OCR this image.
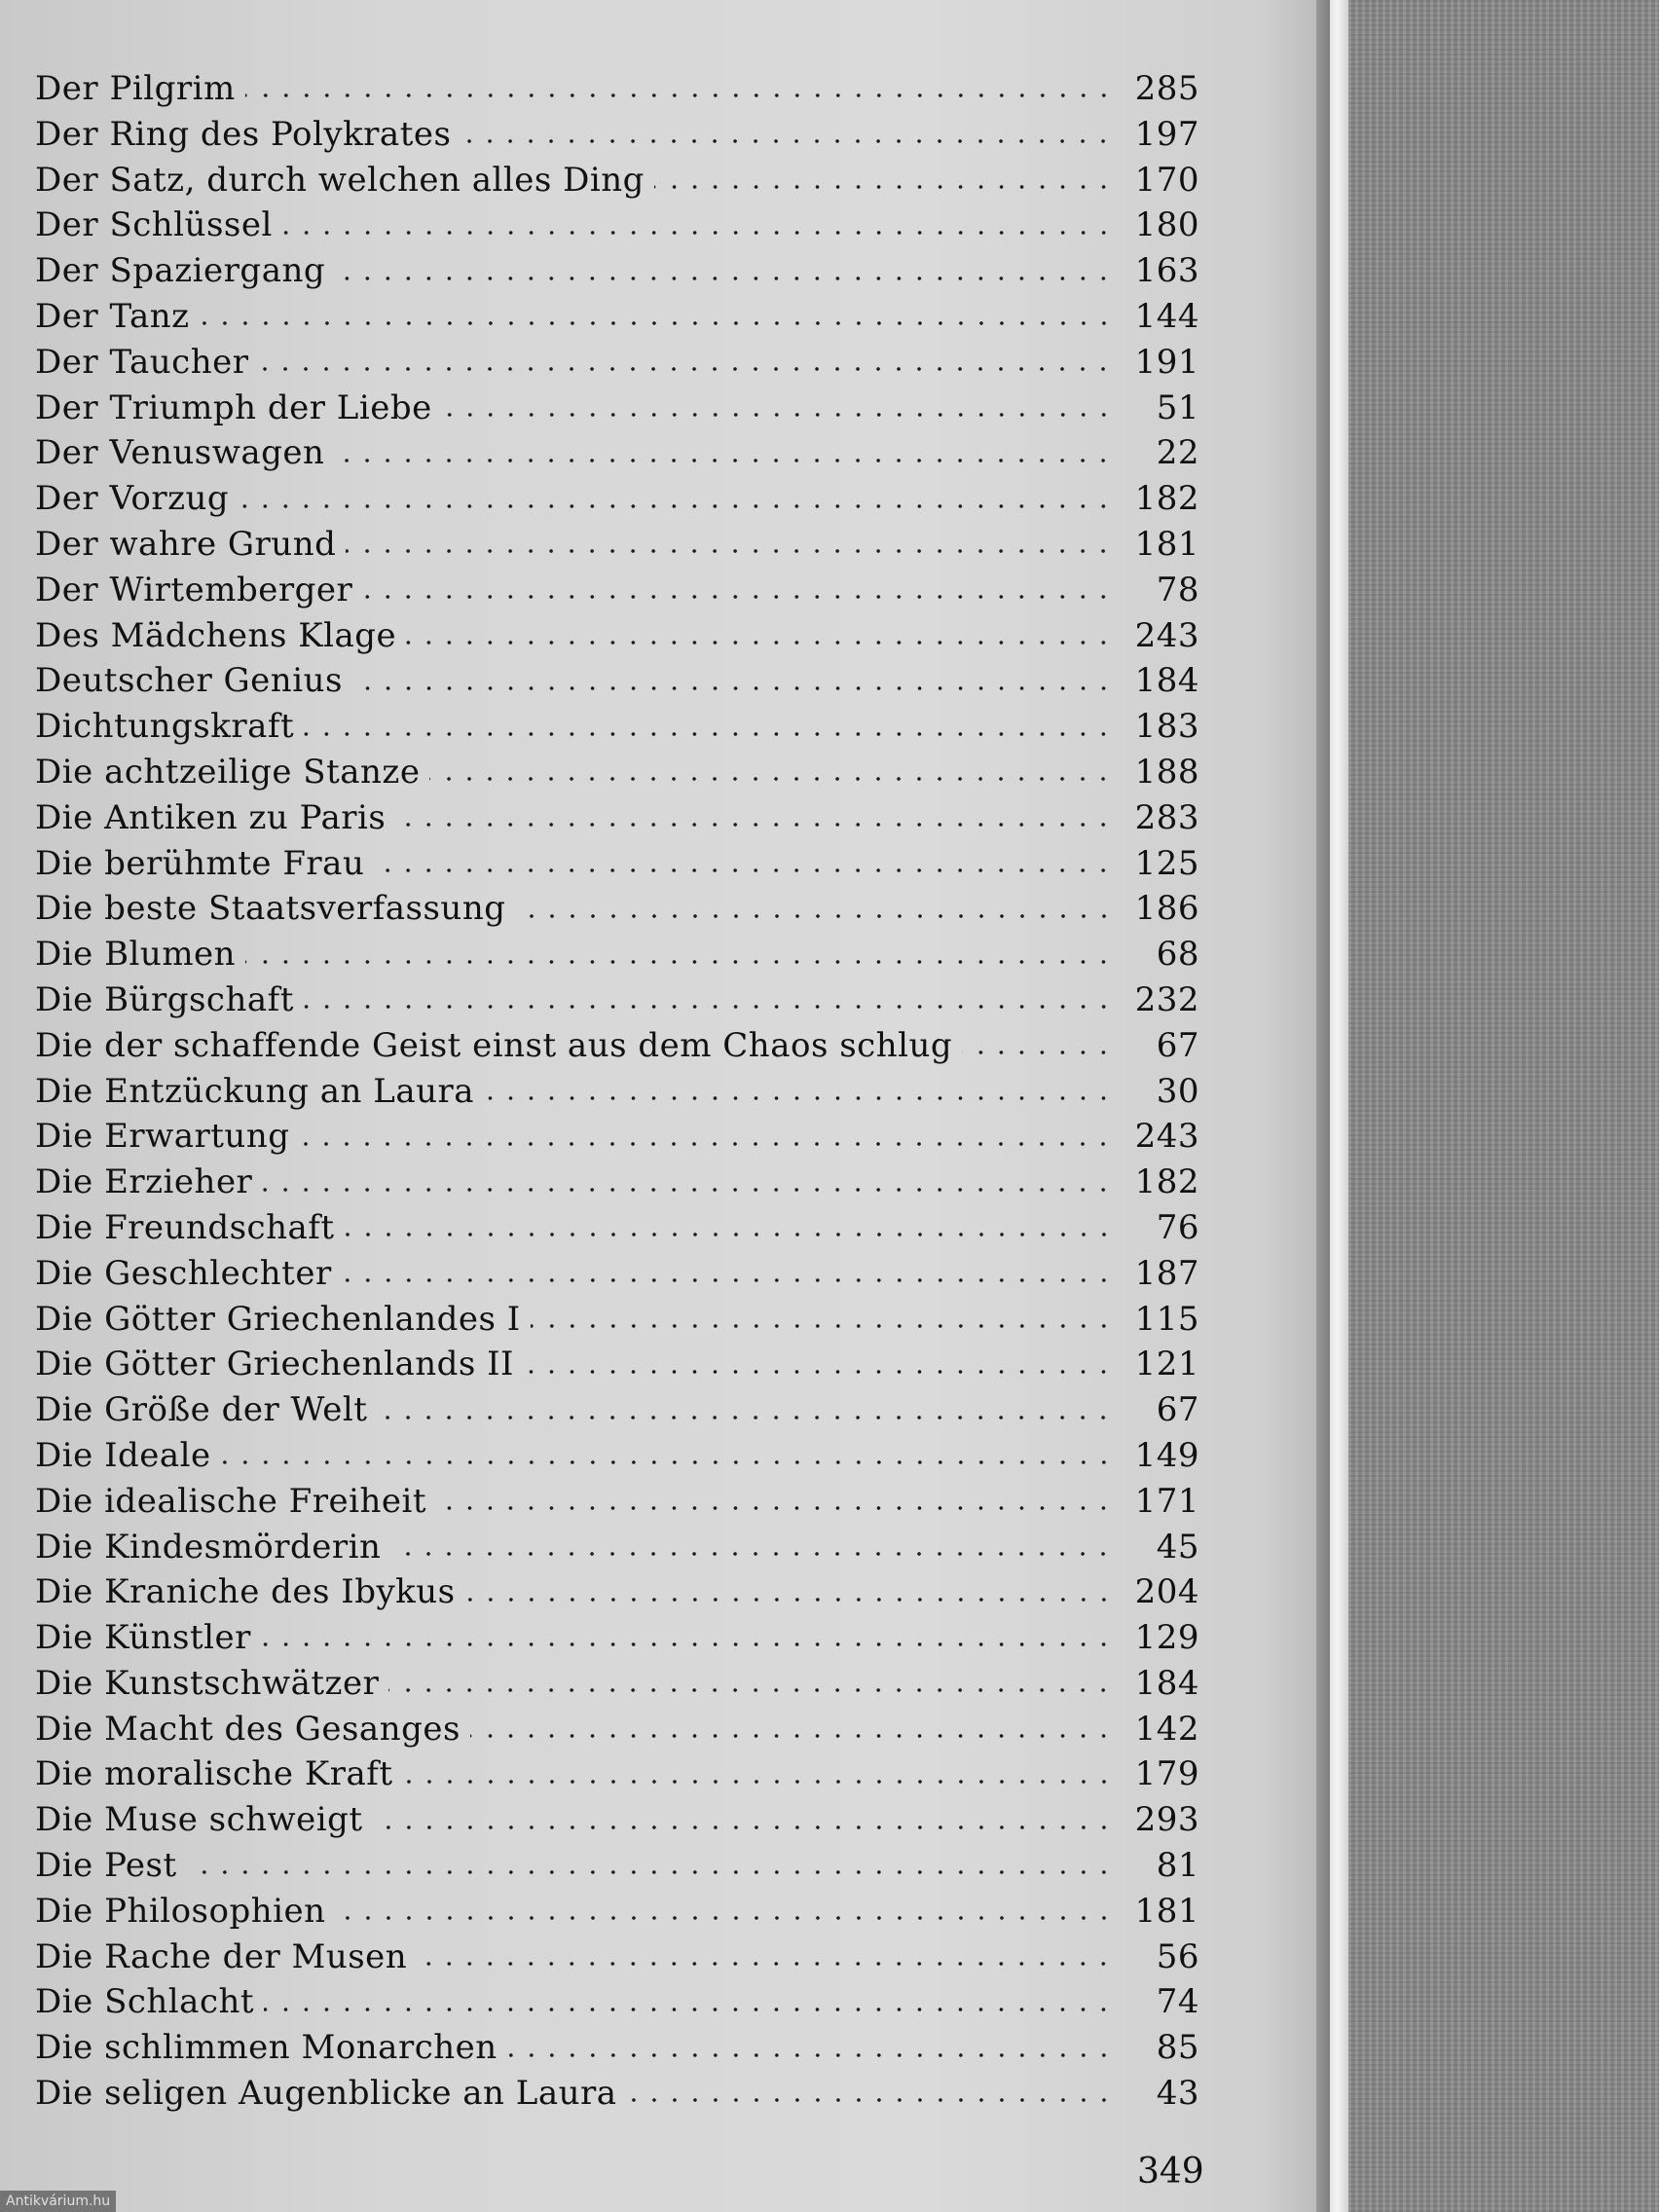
Der Pilgrim	285
Der Ring des Polykrates	197
Der Satz, durch welchen alles Ding	170
Der Schlüssel	180
Der Spaziergang	163
Der Tanz	144
Der Taucher	191
Der Triumph der Liebe	51
Der Venuswagen	22
Der Vorzug	182
Der wahre Grund	181
Der Wirtemberger	78
Des Mädchens Klage	243
Deutscher Genius	184
Dichtungskraft	183
Die achtzeilige Stanze	188
Die Antiken zu Paris	283
Die berühmte Frau	125
Die beste Staatsverfassung	186
Die Blumen	68
Die Bürgschaft	232
Die der schaffende Geist einst aus dem Chaos schlug	67
Die Entzückung an Laura	30
Die Erwartung	243
Die Erzieher	182
Die Freundschaft	76
Die Geschlechter	187
Die Götter Griechenlandes I	115
Die Götter Griechenlands II	121
Die Größe der Welt	67
Die Ideale	149
Die idealische Freiheit	171
Die Kindesmörderin	45
Die Kraniche des Ibykus	204
Die Künstler	129
Die Kunstschwätzer	184
Die Macht des Gesanges	142
Die moralische Kraft	179
Die Muse schweigt	293
Die Pest	81
Die Philosophien	181
Die Rache der Musen	56
Die Schlacht	74
Die schlimmen Monarchen	85
Die seligen Augenblicke an Laura	43
349
Antikvárium.hu
